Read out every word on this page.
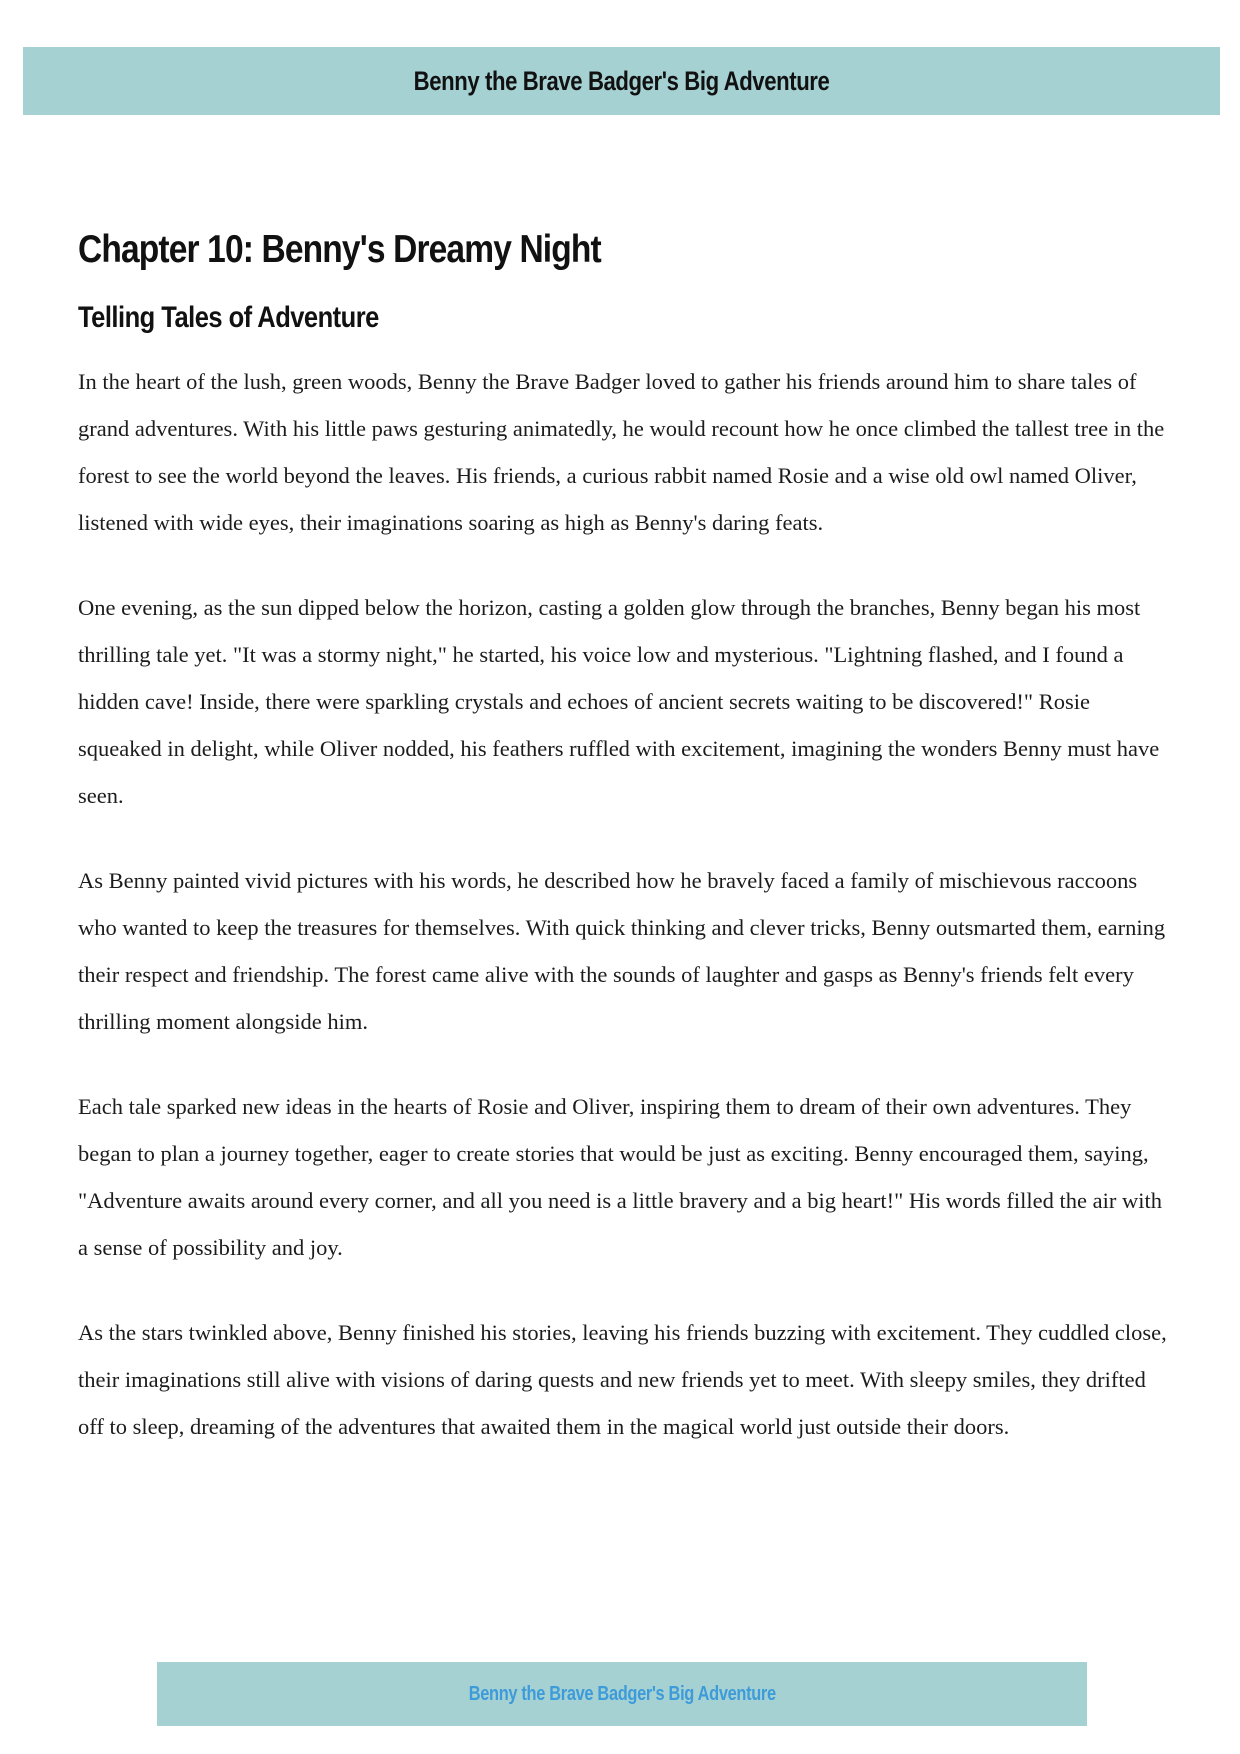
Benny the Brave Badger's Big Adventure
Chapter 10: Benny's Dreamy Night
Telling Tales of Adventure

In the heart of the lush, green woods, Benny the Brave Badger loved to gather his friends around him to share tales of grand adventures. With his little paws gesturing animatedly, he would recount how he once climbed the tallest tree in the forest to see the world beyond the leaves. His friends, a curious rabbit named Rosie and a wise old owl named Oliver, listened with wide eyes, their imaginations soaring as high as Benny's daring feats.

One evening, as the sun dipped below the horizon, casting a golden glow through the branches, Benny began his most thrilling tale yet. "It was a stormy night," he started, his voice low and mysterious. "Lightning flashed, and I found a hidden cave! Inside, there were sparkling crystals and echoes of ancient secrets waiting to be discovered!" Rosie squeaked in delight, while Oliver nodded, his feathers ruffled with excitement, imagining the wonders Benny must have seen.

As Benny painted vivid pictures with his words, he described how he bravely faced a family of mischievous raccoons who wanted to keep the treasures for themselves. With quick thinking and clever tricks, Benny outsmarted them, earning their respect and friendship. The forest came alive with the sounds of laughter and gasps as Benny's friends felt every thrilling moment alongside him.

Each tale sparked new ideas in the hearts of Rosie and Oliver, inspiring them to dream of their own adventures. They began to plan a journey together, eager to create stories that would be just as exciting. Benny encouraged them, saying, "Adventure awaits around every corner, and all you need is a little bravery and a big heart!" His words filled the air with a sense of possibility and joy.

As the stars twinkled above, Benny finished his stories, leaving his friends buzzing with excitement. They cuddled close, their imaginations still alive with visions of daring quests and new friends yet to meet. With sleepy smiles, they drifted off to sleep, dreaming of the adventures that awaited them in the magical world just outside their doors.

Benny the Brave Badger's Big Adventure
